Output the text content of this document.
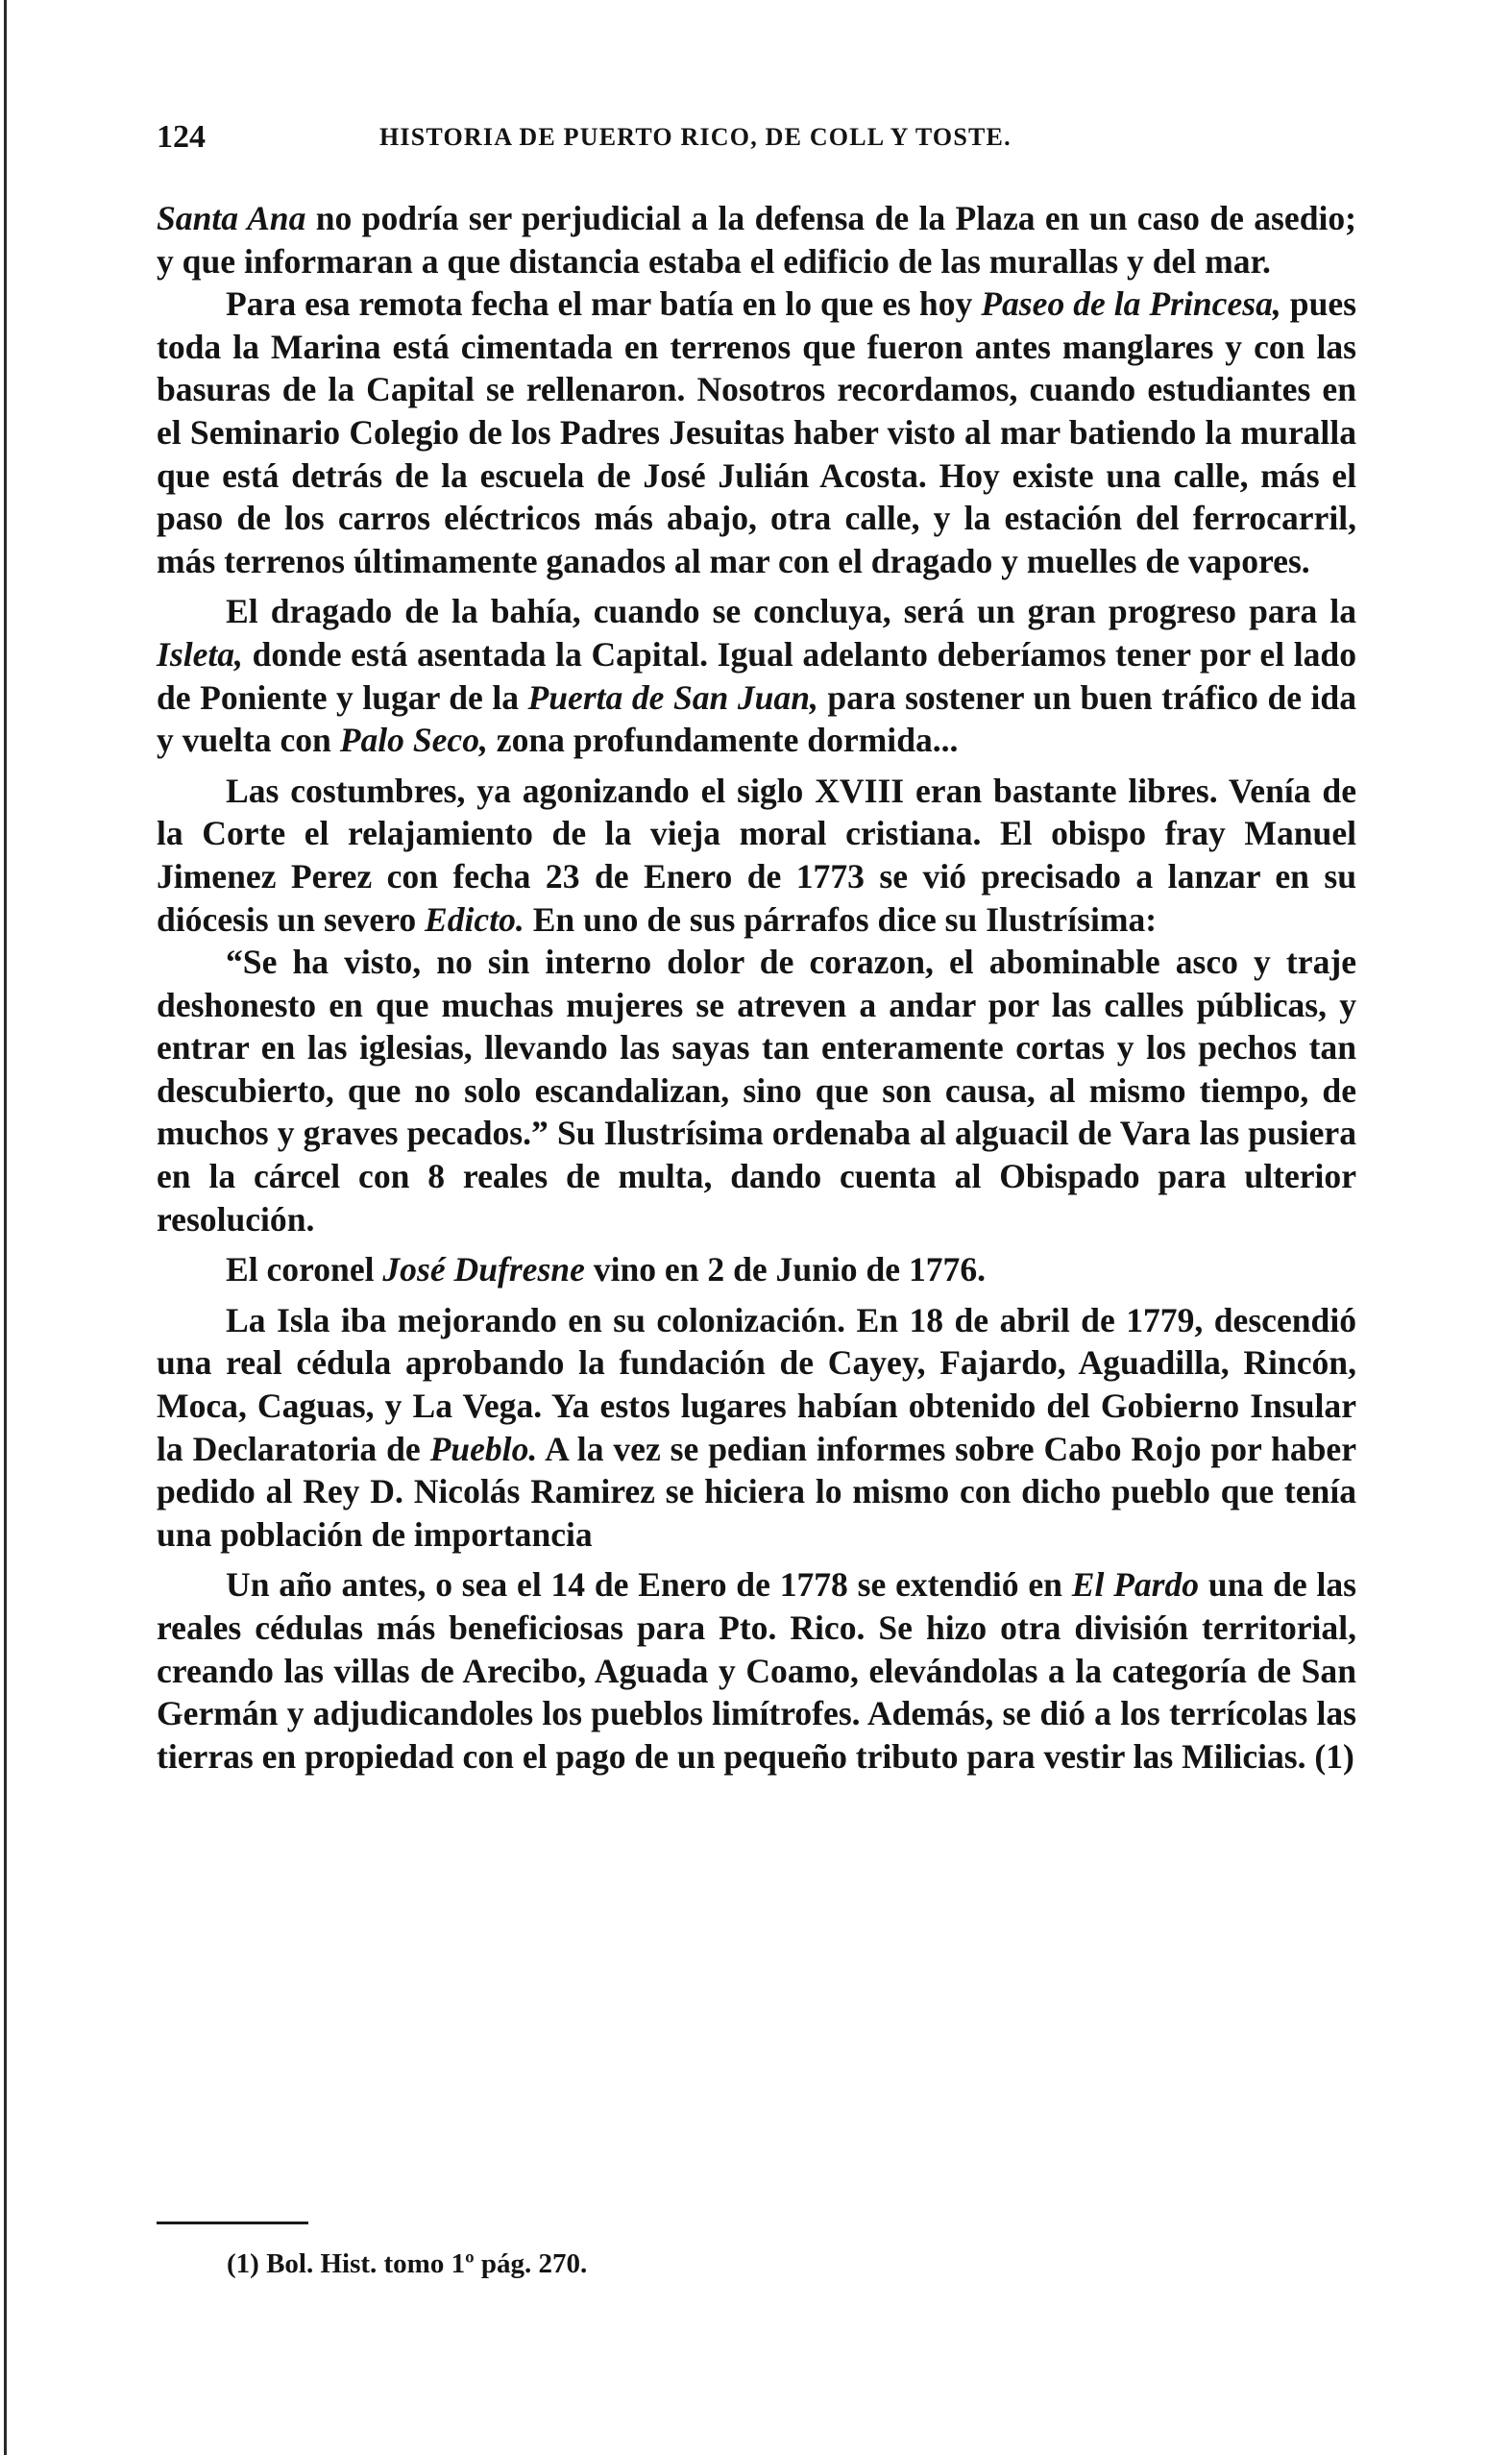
124	HISTORIA DE PUERTO RICO, DE COLL Y TOSTE.

Santa Ana no podría ser perjudicial a la defensa de la Plaza en un caso de asedio; y que informaran a que distancia estaba el edificio de las murallas y del mar.

Para esa remota fecha el mar batía en lo que es hoy Paseo de la Princesa, pues toda la Marina está cimentada en terrenos que fueron antes manglares y con las basuras de la Capital se rellenaron. Nosotros recordamos, cuando estudiantes en el Seminario Colegio de los Padres Jesuitas haber visto al mar batiendo la muralla que está detrás de la escuela de José Julián Acosta. Hoy existe una calle, más el paso de los carros eléctricos más abajo, otra calle, y la estación del ferrocarril, más terrenos últimamente ganados al mar con el dragado y muelles de vapores.

El dragado de la bahía, cuando se concluya, será un gran progreso para la Isleta, donde está asentada la Capital. Igual adelanto deberíamos tener por el lado de Poniente y lugar de la Puerta de San Juan, para sostener un buen tráfico de ida y vuelta con Palo Seco, zona profundamente dormida...

Las costumbres, ya agonizando el siglo XVIII eran bastante libres. Venía de la Corte el relajamiento de la vieja moral cristiana. El obispo fray Manuel Jimenez Perez con fecha 23 de Enero de 1773 se vió precisado a lanzar en su diócesis un severo Edicto. En uno de sus párrafos dice su Ilustrísima:

“Se ha visto, no sin interno dolor de corazon, el abominable asco y traje deshonesto en que muchas mujeres se atreven a andar por las calles públicas, y entrar en las iglesias, llevando las sayas tan enteramente cortas y los pechos tan descubierto, que no solo escandalizan, sino que son causa, al mismo tiempo, de muchos y graves pecados.” Su Ilustrísima ordenaba al alguacil de Vara las pusiera en la cárcel con 8 reales de multa, dando cuenta al Obispado para ulterior resolución.

El coronel José Dufresne vino en 2 de Junio de 1776.

La Isla iba mejorando en su colonización. En 18 de abril de 1779, descendió una real cédula aprobando la fundación de Cayey, Fajardo, Aguadilla, Rincón, Moca, Caguas, y La Vega. Ya estos lugares habían obtenido del Gobierno Insular la Declaratoria de Pueblo. A la vez se pedian informes sobre Cabo Rojo por haber pedido al Rey D. Nicolás Ramirez se hiciera lo mismo con dicho pueblo que tenía una población de importancia

Un año antes, o sea el 14 de Enero de 1778 se extendió en El Pardo una de las reales cédulas más beneficiosas para Pto. Rico. Se hizo otra división territorial, creando las villas de Arecibo, Aguada y Coamo, elevándolas a la categoría de San Germán y adjudicandoles los pueblos limítrofes. Además, se dió a los terrícolas las tierras en propiedad con el pago de un pequeño tributo para vestir las Milicias. (1)

(1) Bol. Hist. tomo 1º pág. 270.
